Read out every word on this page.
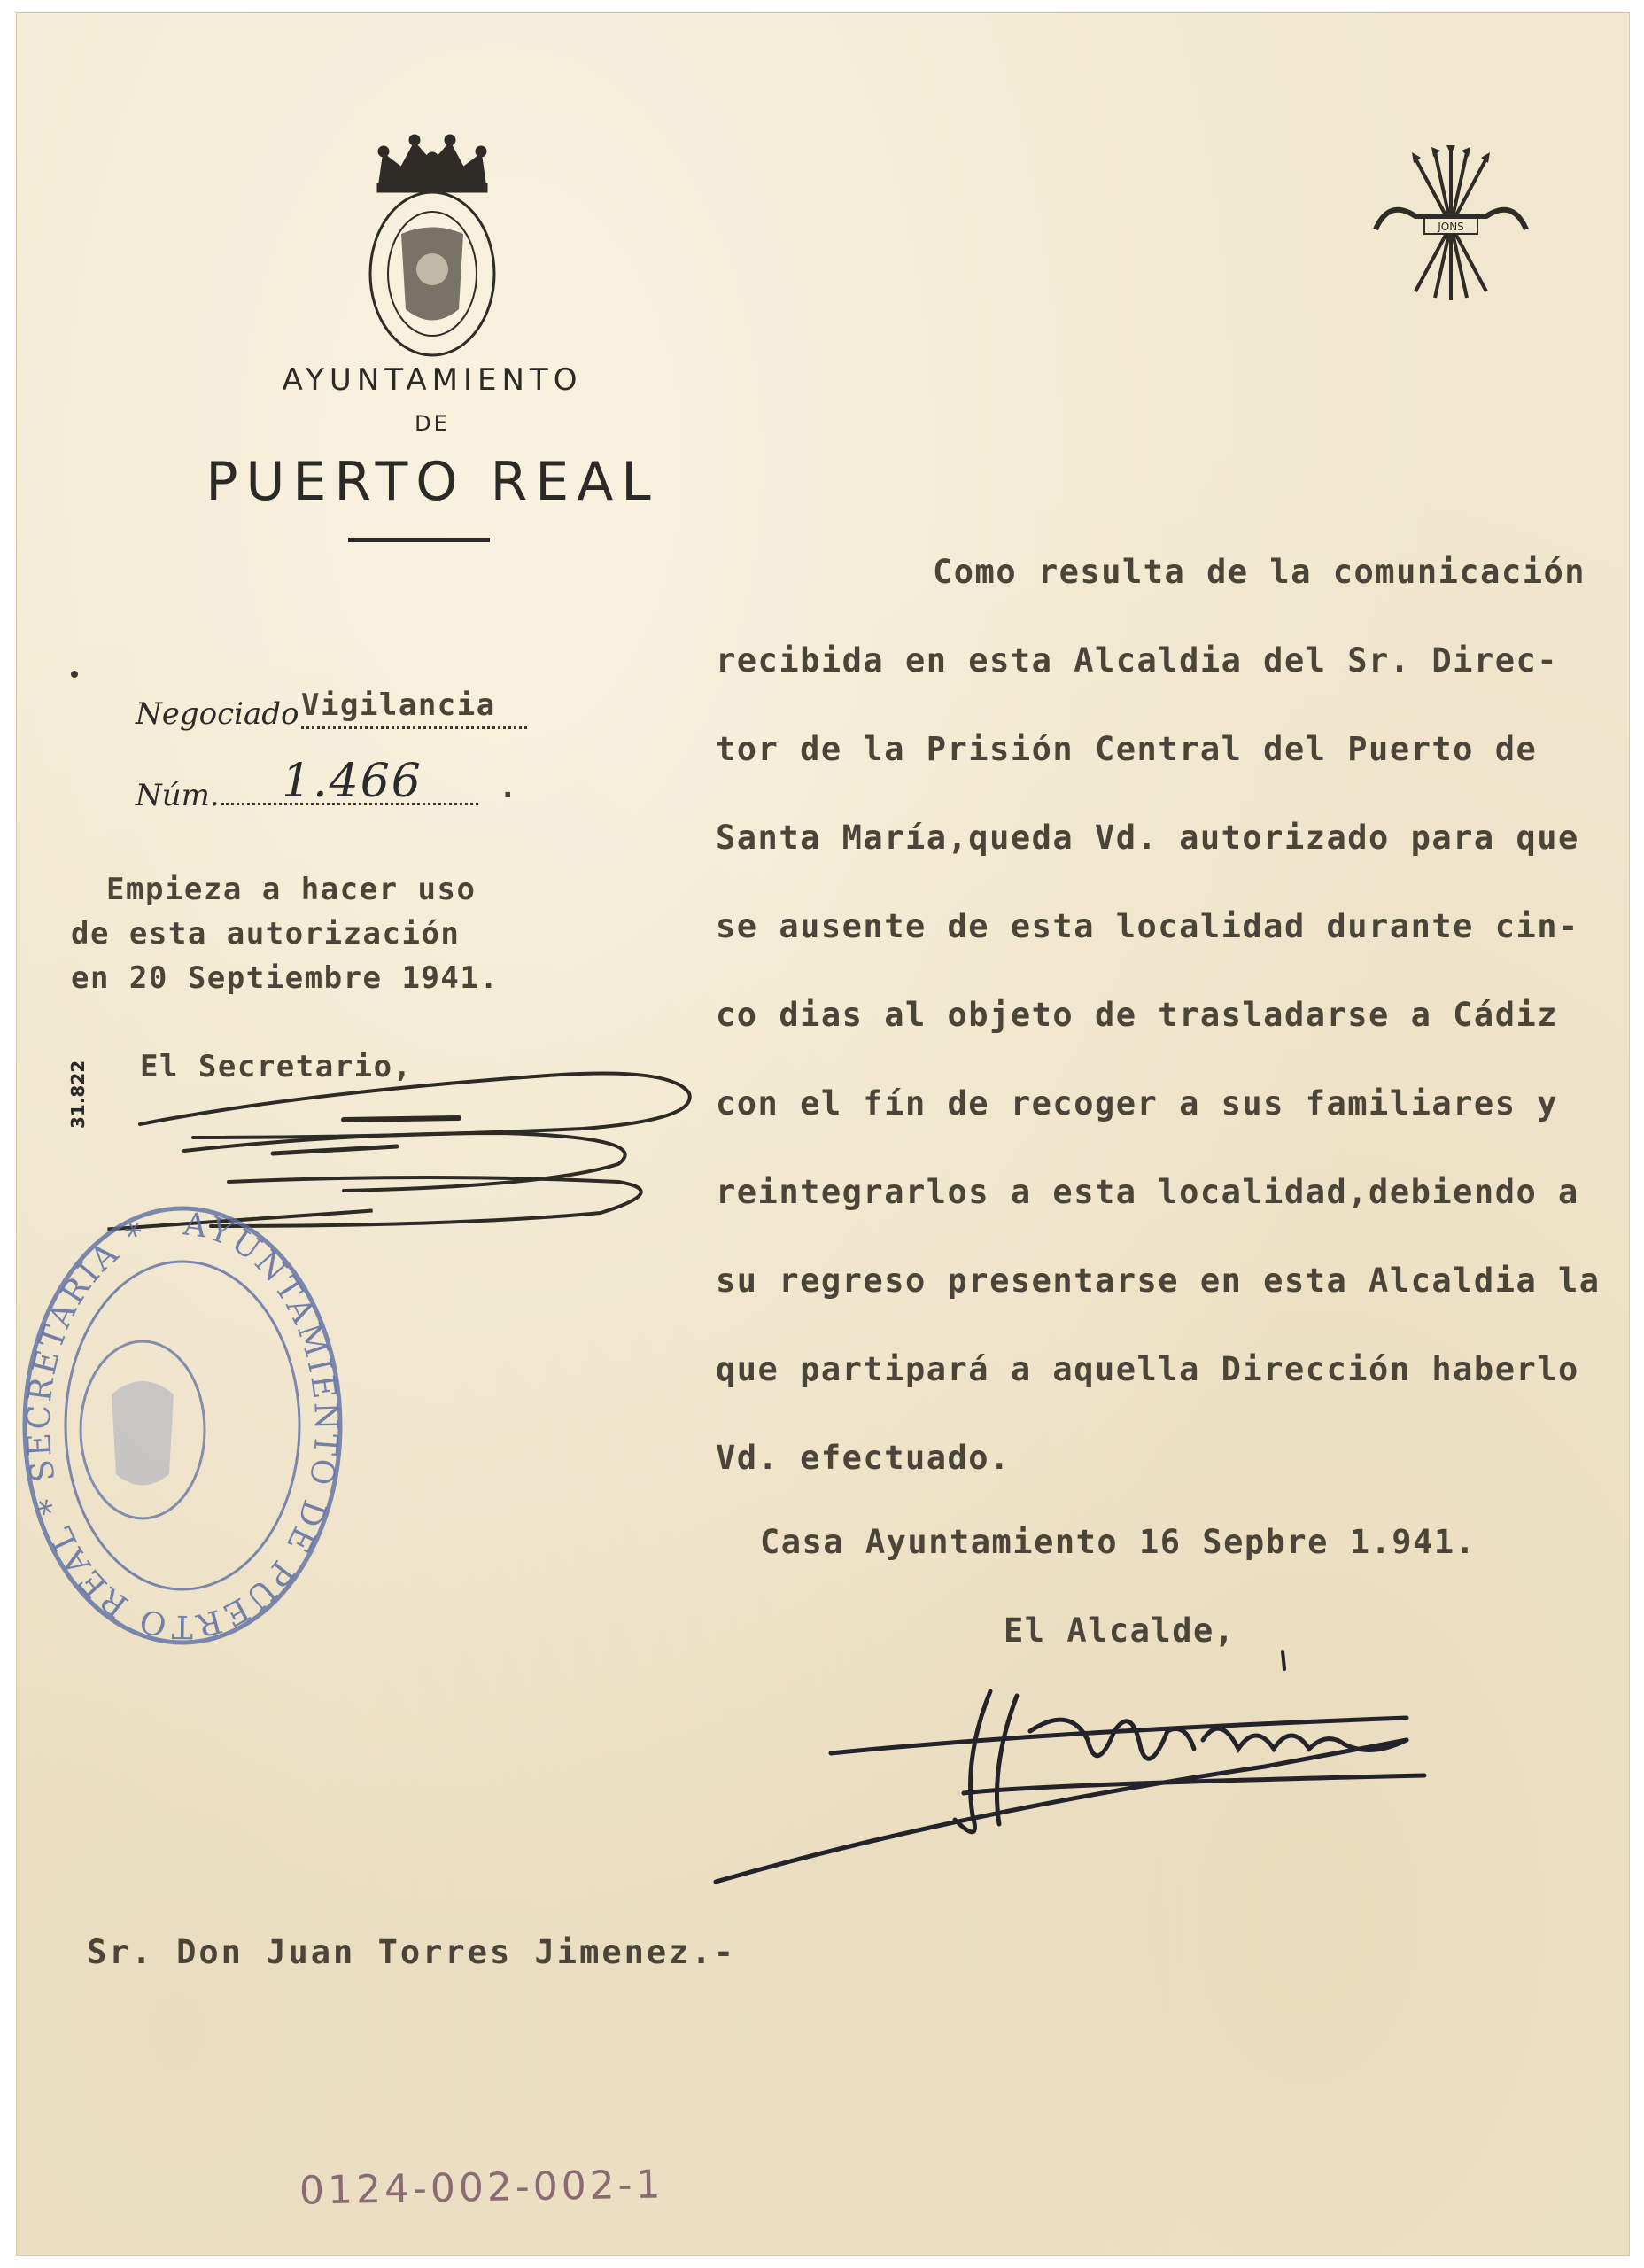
AYUNTAMIENTO
DE
PUERTO REAL
JONS
Negociado Vigilancia
Núm. 1.466	.
Empieza a hacer uso
de esta autorización
en 20 Septiembre 1941.
El Secretario,
31.822
AYUNTAMIENTO DE PUERTO REAL * SECRETARIA *
Como resulta de la comunicación
recibida en esta Alcaldia del Sr. Direc-
tor de la Prisión Central del Puerto de
Santa María,queda Vd. autorizado para que
se ausente de esta localidad durante cin-
co dias al objeto de trasladarse a Cádiz
con el fín de recoger a sus familiares y
reintegrarlos a esta localidad,debiendo a
su regreso presentarse en esta Alcaldia la
que partipará a aquella Dirección haberlo
Vd. efectuado.
Casa Ayuntamiento 16 Sepbre 1.941.
El Alcalde,
Sr. Don Juan Torres Jimenez.-
0124-002-002-1
